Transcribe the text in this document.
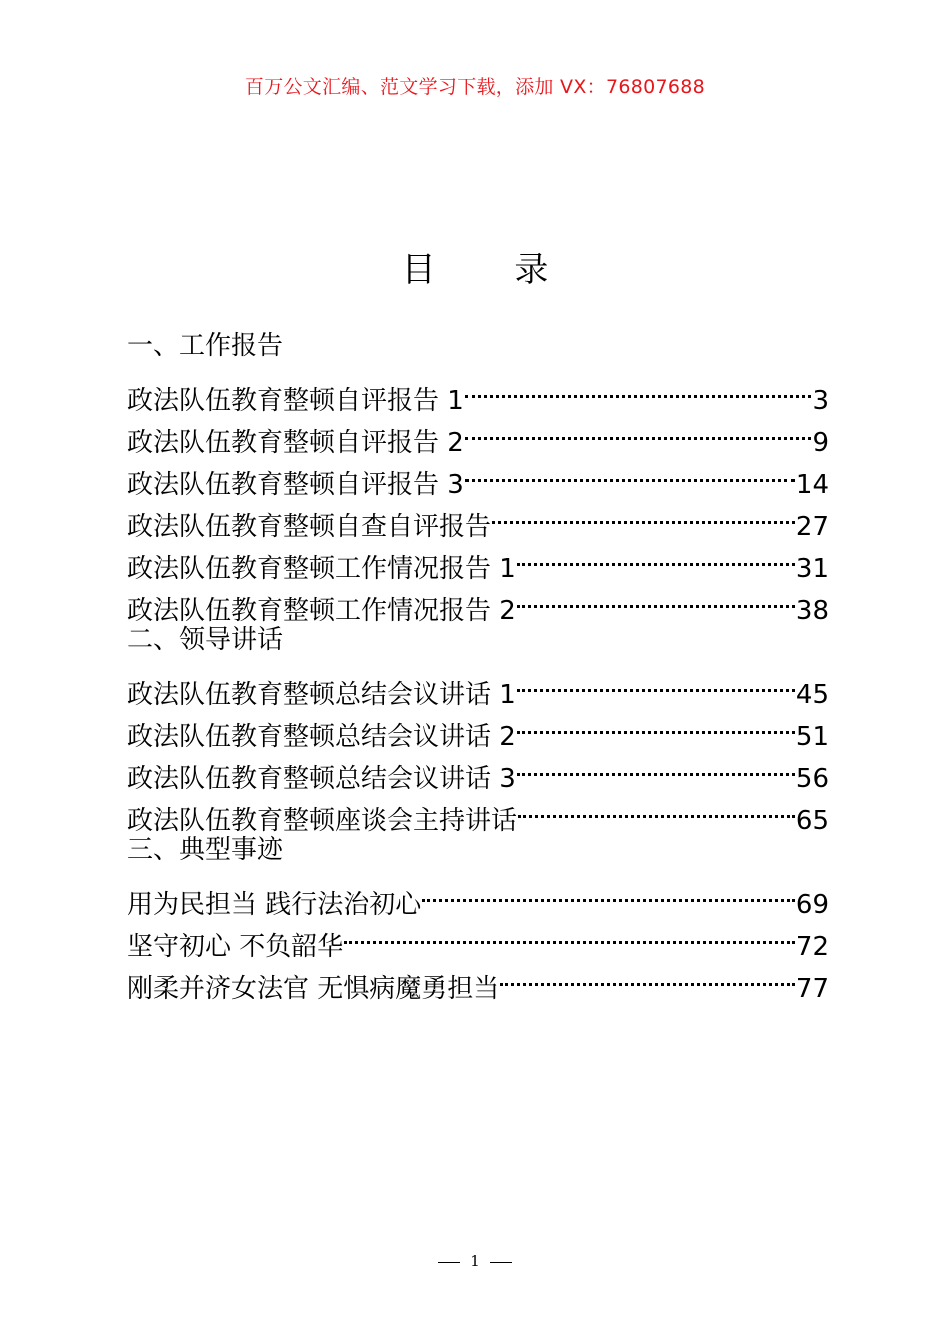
百万公文汇编、范文学习下载，添加 VX：76807688
目 录
一、工作报告
政法队伍教育整顿自评报告 1	3
政法队伍教育整顿自评报告 2	9
政法队伍教育整顿自评报告 3	14
政法队伍教育整顿自查自评报告	27
政法队伍教育整顿工作情况报告 1	31
政法队伍教育整顿工作情况报告 2	38
二、领导讲话
政法队伍教育整顿总结会议讲话 1	45
政法队伍教育整顿总结会议讲话 2	51
政法队伍教育整顿总结会议讲话 3	56
政法队伍教育整顿座谈会主持讲话	65
三、典型事迹
用为民担当 践行法治初心	69
坚守初心 不负韶华	72
刚柔并济女法官 无惧病魔勇担当	77
1
